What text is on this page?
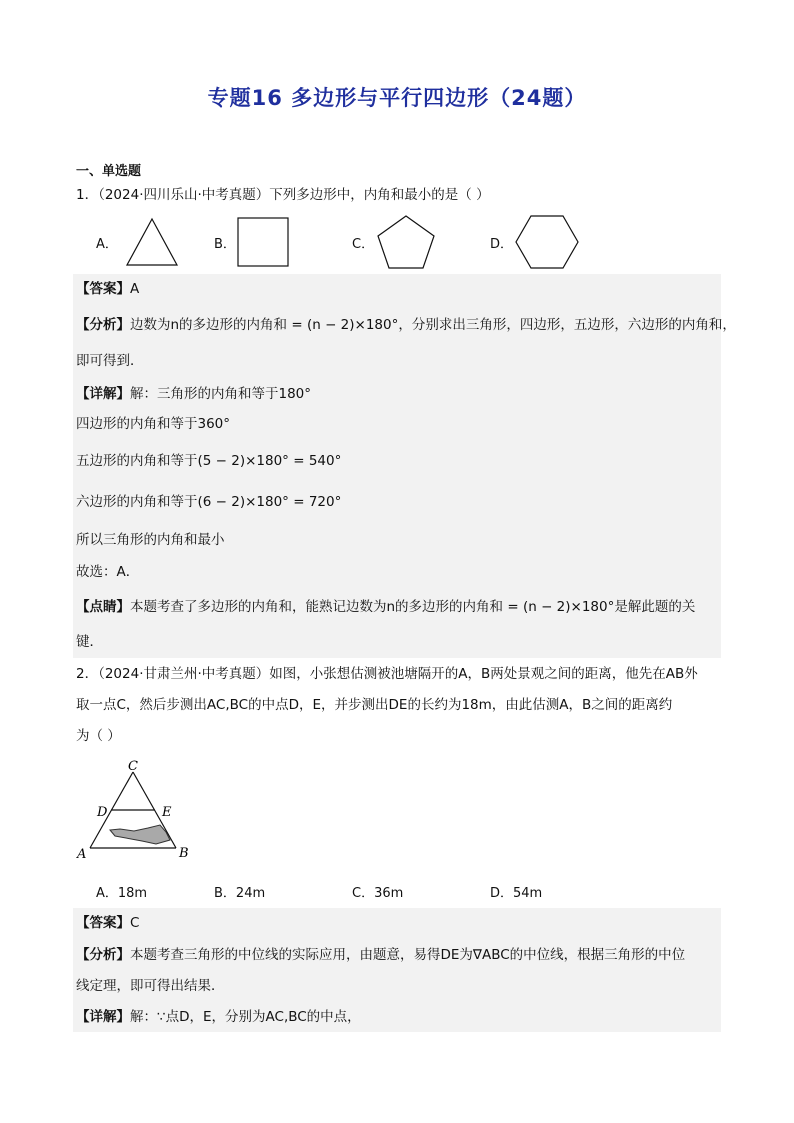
专题16 多边形与平行四边形（24题）
一、单选题
1．（2024·四川乐山·中考真题）下列多边形中，内角和最小的是（ ）
A．	B．	C．	D．
【答案】A
【分析】边数为n的多边形的内角和 = (n − 2)×180°，分别求出三角形，四边形，五边形，六边形的内角和，
即可得到．
【详解】解：三角形的内角和等于180°
四边形的内角和等于360°
五边形的内角和等于(5 − 2)×180° = 540°
六边形的内角和等于(6 − 2)×180° = 720°
所以三角形的内角和最小
故选：A．
【点睛】本题考查了多边形的内角和，能熟记边数为n的多边形的内角和 = (n − 2)×180°是解此题的关
键．
2．（2024·甘肃兰州·中考真题）如图，小张想估测被池塘隔开的A，B两处景观之间的距离，他先在AB外
取一点C，然后步测出AC,BC的中点D，E，并步测出DE的长约为18m，由此估测A，B之间的距离约
为（ ）
C
D	E
A	B
A．18m	B．24m	C．36m	D．54m
【答案】C
【分析】本题考查三角形的中位线的实际应用，由题意，易得DE为∇ABC的中位线，根据三角形的中位
线定理，即可得出结果．
【详解】解：∵点D，E，分别为AC,BC的中点，
